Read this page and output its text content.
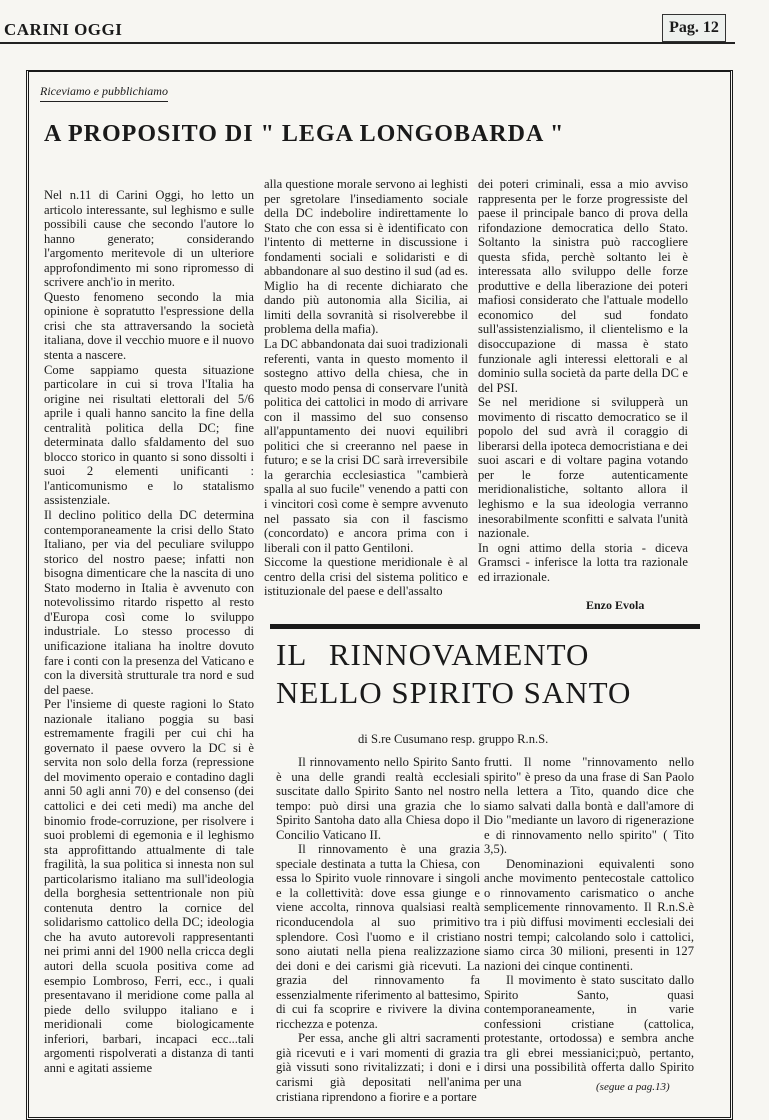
CARINI OGGI	Pag. 12
Riceviamo e pubblichiamo
A PROPOSITO DI " LEGA LONGOBARDA "

Nel n.11 di Carini Oggi, ho letto un articolo interessante, sul leghismo e sulle possibili cause che secondo l'autore lo hanno generato; considerando l'argomento meritevole di un ulteriore approfondimento mi sono ripromesso di scrivere anch'io in merito.

Questo fenomeno secondo la mia opinione è sopratutto l'espressione della crisi che sta attraversando la società italiana, dove il vecchio muore e il nuovo stenta a nascere.

Come sappiamo questa situazione particolare in cui si trova l'Italia ha origine nei risultati elettorali del 5/6 aprile i quali hanno sancito la fine della centralità politica della DC; fine determinata dallo sfaldamento del suo blocco storico in quanto si sono dissolti i suoi 2 elementi unificanti : l'anticomunismo e lo statalismo assistenziale.

Il declino politico della DC determina contemporaneamente la crisi dello Stato Italiano, per via del peculiare sviluppo storico del nostro paese; infatti non bisogna dimenticare che la nascita di uno Stato moderno in Italia è avvenuto con notevolissimo ritardo rispetto al resto d'Europa così come lo sviluppo industriale. Lo stesso processo di unificazione italiana ha inoltre dovuto fare i conti con la presenza del Vaticano e con la diversità strutturale tra nord e sud del paese.

Per l'insieme di queste ragioni lo Stato nazionale italiano poggia su basi estremamente fragili per cui chi ha governato il paese ovvero la DC si è servita non solo della forza (repressione del movimento operaio e contadino dagli anni 50 agli anni 70) e del consenso (dei cattolici e dei ceti medi) ma anche del binomio frode-corruzione, per risolvere i suoi problemi di egemonia e il leghismo sta approfittando attualmente di tale fragilità, la sua politica si innesta non sul particolarismo italiano ma sull'ideologia della borghesia settentrionale non più contenuta dentro la cornice del solidarismo cattolico della DC; ideologia che ha avuto autorevoli rappresentanti nei primi anni del 1900 nella cricca degli autori della scuola positiva come ad esempio Lombroso, Ferri, ecc., i quali presentavano il meridione come palla al piede dello sviluppo italiano e i meridionali come biologicamente inferiori, barbari, incapaci ecc...tali argomenti rispolverati a distanza di tanti anni e agitati assieme

alla questione morale servono ai leghisti per sgretolare l'insediamento sociale della DC indebolire indirettamente lo Stato che con essa si è identificato con l'intento di metterne in discussione i fondamenti sociali e solidaristi e di abbandonare al suo destino il sud (ad es. Miglio ha di recente dichiarato che dando più autonomia alla Sicilia, ai limiti della sovranità si risolverebbe il problema della mafia).

La DC abbandonata dai suoi tradizionali referenti, vanta in questo momento il sostegno attivo della chiesa, che in questo modo pensa di conservare l'unità politica dei cattolici in modo di arrivare con il massimo del suo consenso all'appuntamento dei nuovi equilibri politici che si creeranno nel paese in futuro; e se la crisi DC sarà irreversibile la gerarchia ecclesiastica "cambierà spalla al suo fucile" venendo a patti con i vincitori così come è sempre avvenuto nel passato sia con il fascismo (concordato) e ancora prima con i liberali con il patto Gentiloni.

Siccome la questione meridionale è al centro della crisi del sistema politico e istituzionale del paese e dell'assalto

dei poteri criminali, essa a mio avviso rappresenta per le forze progressiste del paese il principale banco di prova della rifondazione democratica dello Stato. Soltanto la sinistra può raccogliere questa sfida, perchè soltanto lei è interessata allo sviluppo delle forze produttive e della liberazione dei poteri mafiosi considerato che l'attuale modello economico del sud fondato sull'assistenzialismo, il clientelismo e la disoccupazione di massa è stato funzionale agli interessi elettorali e al dominio sulla società da parte della DC e del PSI.

Se nel meridione si svilupperà un movimento di riscatto democratico se il popolo del sud avrà il coraggio di liberarsi della ipoteca democristiana e dei suoi ascari e di voltare pagina votando per le forze autenticamente meridionalistiche, soltanto allora il leghismo e la sua ideologia verranno inesorabilmente sconfitti e salvata l'unità nazionale.

In ogni attimo della storia - diceva Gramsci - inferisce la lotta tra razionale ed irrazionale.

Enzo Evola
IL RINNOVAMENTO
NELLO SPIRITO SANTO
di S.re Cusumano resp. gruppo R.n.S.

Il rinnovamento nello Spirito Santo è una delle grandi realtà ecclesiali suscitate dallo Spirito Santo nel nostro tempo: può dirsi una grazia che lo Spirito Santoha dato alla Chiesa dopo il Concilio Vaticano II.

Il rinnovamento è una grazia speciale destinata a tutta la Chiesa, con essa lo Spirito vuole rinnovare i singoli e la collettività: dove essa giunge e viene accolta, rinnova qualsiasi realtà riconducendola al suo primitivo splendore. Così l'uomo e il cristiano sono aiutati nella piena realizzazione dei doni e dei carismi già ricevuti. La grazia del rinnovamento fa essenzialmente riferimento al battesimo, di cui fa scoprire e rivivere la divina ricchezza e potenza.

Per essa, anche gli altri sacramenti già ricevuti e i vari momenti di grazia già vissuti sono rivitalizzati; i doni e i carismi già depositati nell'anima cristiana riprendono a fiorire e a portare

frutti. Il nome "rinnovamento nello spirito" è preso da una frase di San Paolo nella lettera a Tito, quando dice che siamo salvati dalla bontà e dall'amore di Dio "mediante un lavoro di rigenerazione e di rinnovamento nello spirito" ( Tito 3,5).

Denominazioni equivalenti sono anche movimento pentecostale cattolico o rinnovamento carismatico o anche semplicemente rinnovamento. Il R.n.S.è tra i più diffusi movimenti ecclesiali dei nostri tempi; calcolando solo i cattolici, siamo circa 30 milioni, presenti in 127 nazioni dei cinque continenti.

Il movimento è stato suscitato dallo Spirito Santo, quasi contemporaneamente, in varie confessioni cristiane (cattolica, protestante, ortodossa) e sembra anche tra gli ebrei messianici;può, pertanto, dirsi una possibilità offerta dallo Spirito per una	(segue a pag.13)
